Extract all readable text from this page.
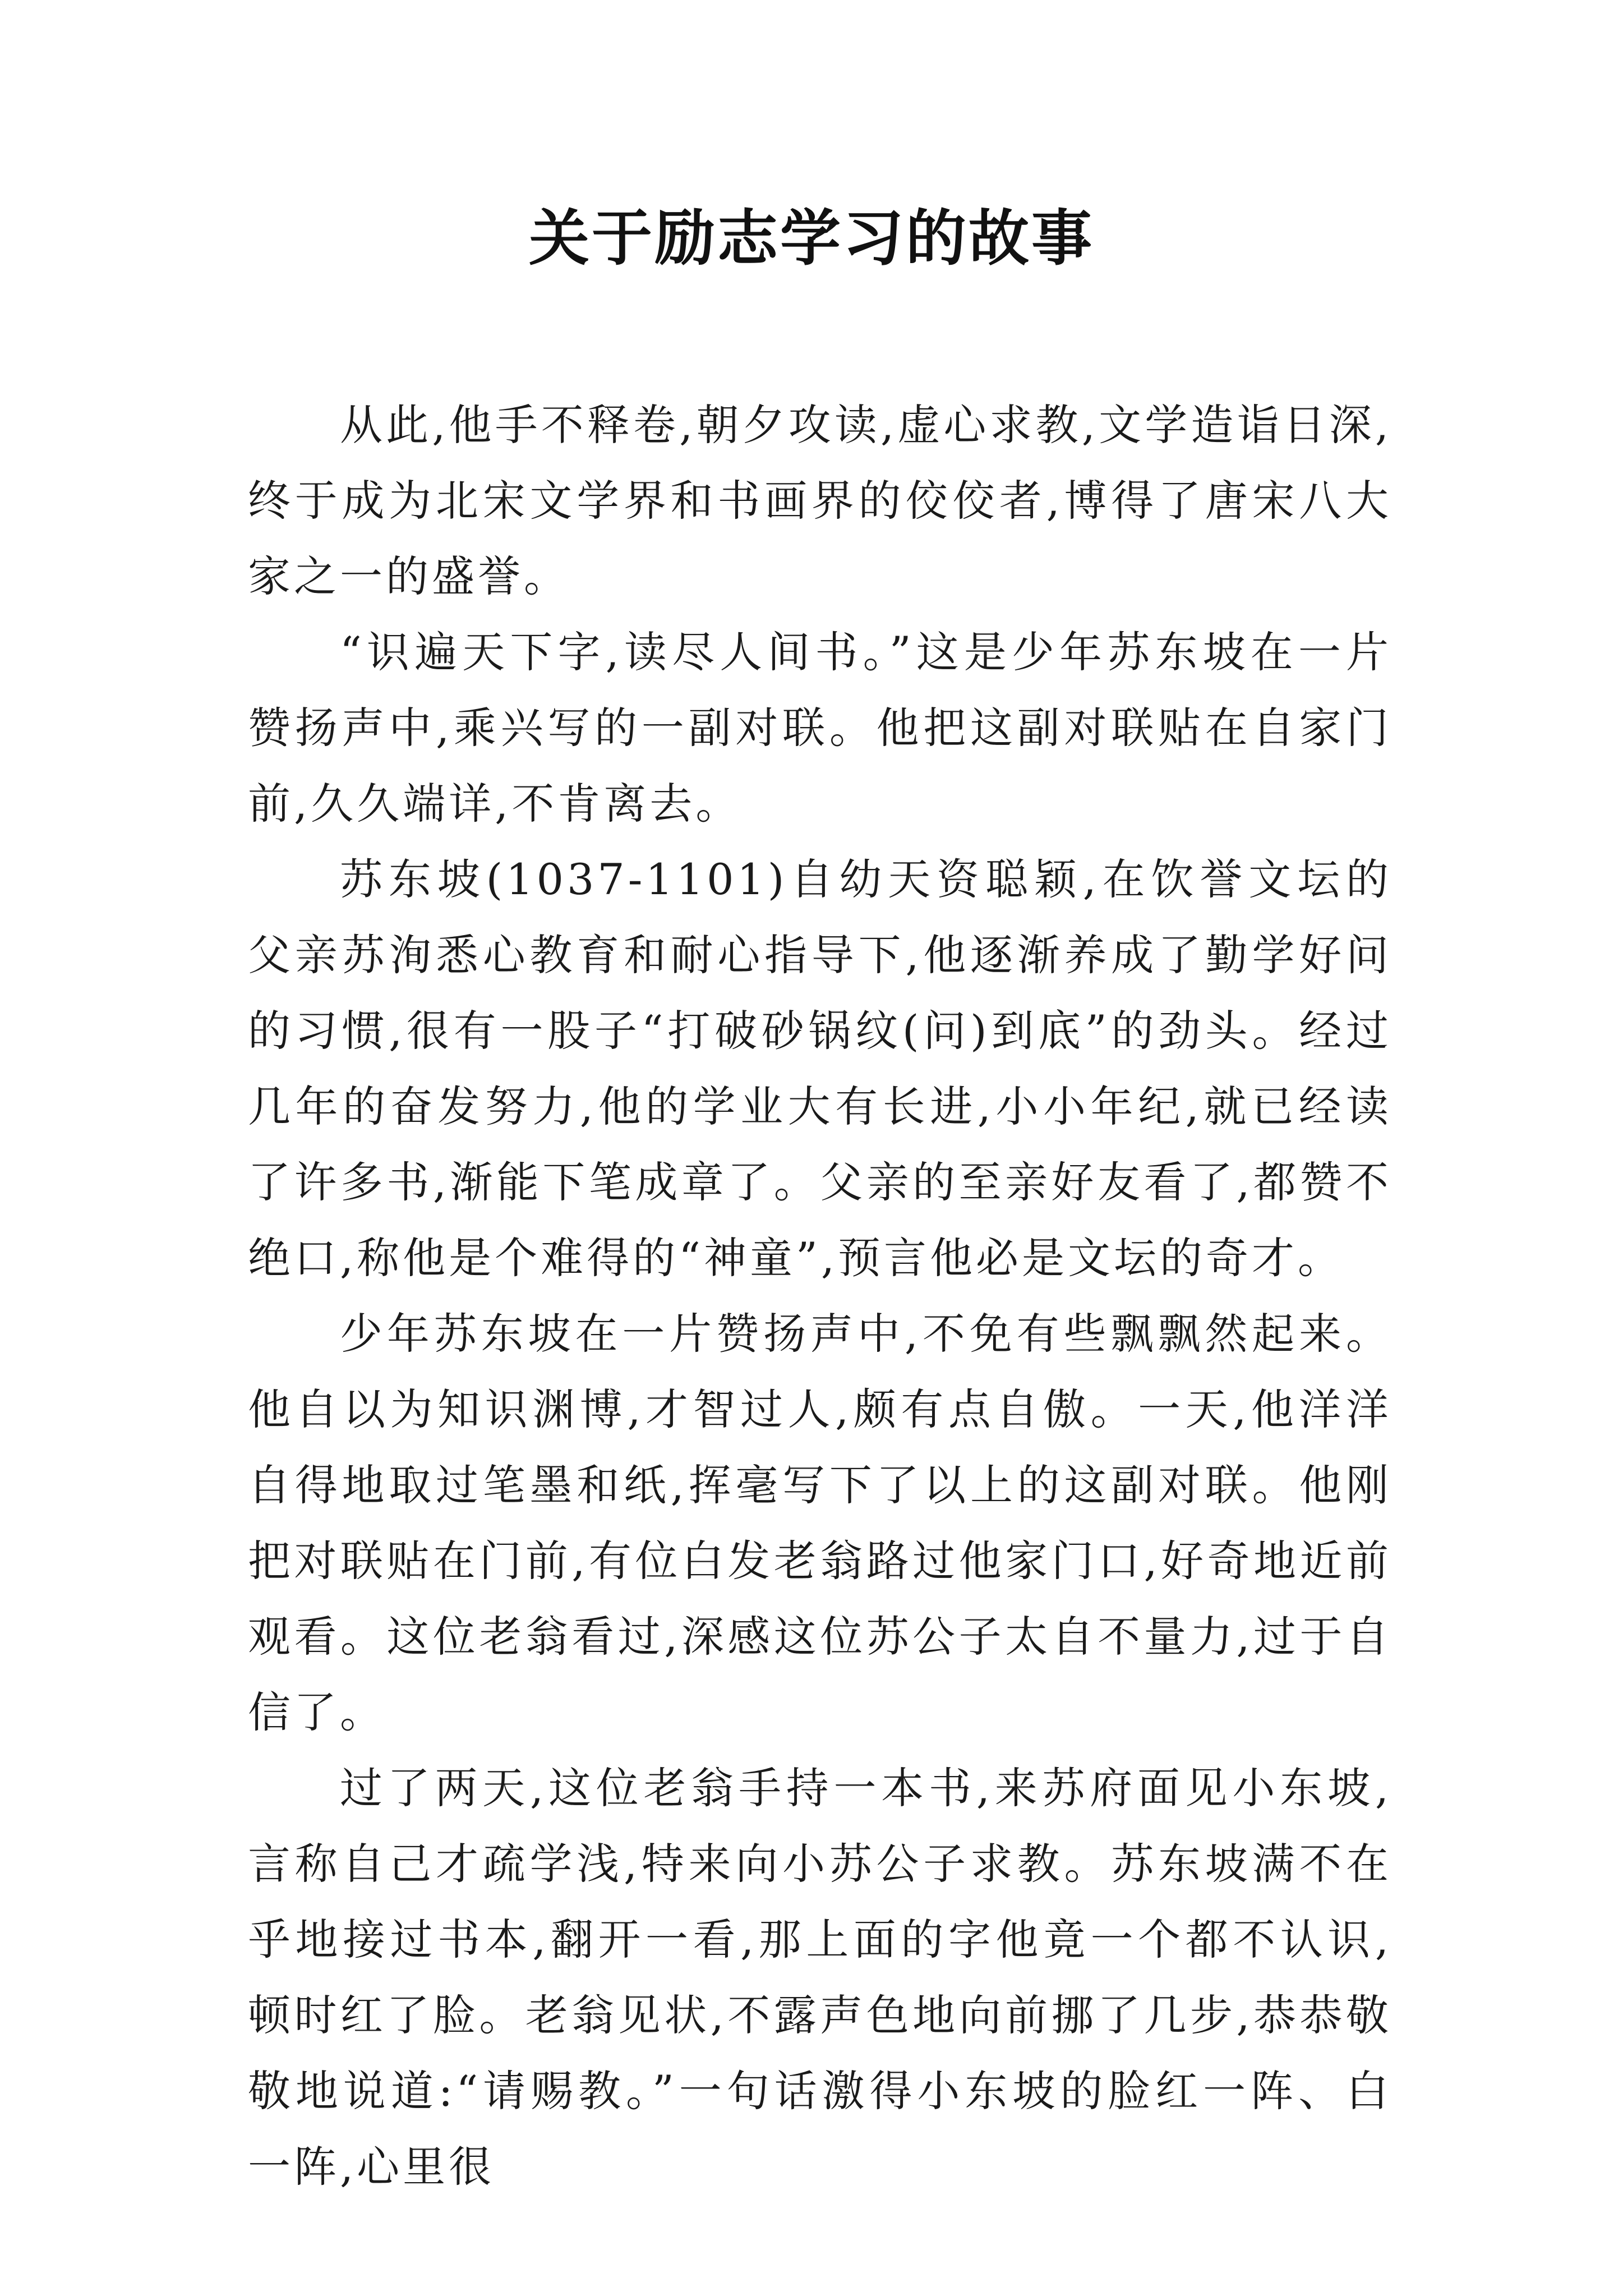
关于励志学习的故事

从此,他手不释卷,朝夕攻读,虚心求教,文学造诣日深,终于成为北宋文学界和书画界的佼佼者,博得了唐宋八大家之一的盛誉。

“识遍天下字,读尽人间书。”这是少年苏东坡在一片赞扬声中,乘兴写的一副对联。他把这副对联贴在自家门前,久久端详,不肯离去。

苏东坡(1037-1101)自幼天资聪颖,在饮誉文坛的父亲苏洵悉心教育和耐心指导下,他逐渐养成了勤学好问的习惯,很有一股子“打破砂锅纹(问)到底”的劲头。经过几年的奋发努力,他的学业大有长进,小小年纪,就已经读了许多书,渐能下笔成章了。父亲的至亲好友看了,都赞不绝口,称他是个难得的“神童”,预言他必是文坛的奇才。

少年苏东坡在一片赞扬声中,不免有些飘飘然起来。他自以为知识渊博,才智过人,颇有点自傲。一天,他洋洋自得地取过笔墨和纸,挥毫写下了以上的这副对联。他刚把对联贴在门前,有位白发老翁路过他家门口,好奇地近前观看。这位老翁看过,深感这位苏公子太自不量力,过于自信了。

过了两天,这位老翁手持一本书,来苏府面见小东坡,言称自己才疏学浅,特来向小苏公子求教。苏东坡满不在乎地接过书本,翻开一看,那上面的字他竟一个都不认识,顿时红了脸。老翁见状,不露声色地向前挪了几步,恭恭敬敬地说道:“请赐教。”一句话激得小东坡的脸红一阵、白一阵,心里很
